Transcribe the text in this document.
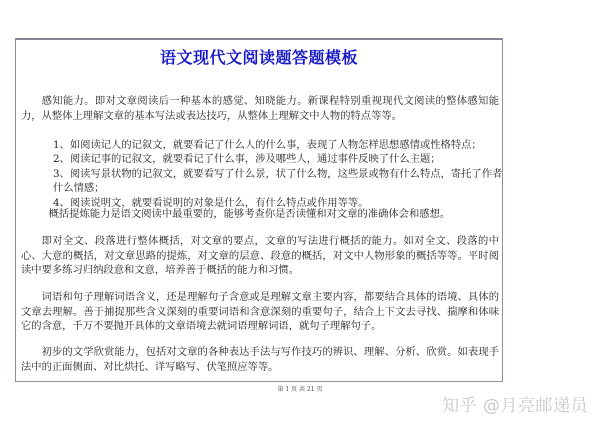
语文现代文阅读题答题模板

感知能力。即对文章阅读后一种基本的感觉、知晓能力。新课程特别重视现代文阅读的整体感知能力，从整体上理解文章的基本写法或表达技巧，从整体上理解文中人物的特点等等。

1、如阅读记人的记叙文，就要看记了什么人的什么事，表现了人物怎样思想感情或性格特点；
2、阅读记事的记叙文，就要看记了什么事，涉及哪些人，通过事件反映了什么主题；
3、阅读写景状物的记叙文，就要看写了什么景，状了什么物，这些景或物有什么特点，寄托了作者什么情感；
4、阅读说明文，就要看说明的对象是什么，有什么特点或作用等等。

概括提炼能力是语文阅读中最重要的，能够考查你是否读懂和对文章的准确体会和感想。

即对全文、段落进行整体概括，对文章的要点，文章的写法进行概括的能力。如对全文、段落的中心、大意的概括，对文章思路的提炼，对文章的层意、段意的概括，对文中人物形象的概括等等。平时阅读中要多练习归纳段意和文意，培养善于概括的能力和习惯。

词语和句子理解词语含义，还是理解句子含意或是理解文章主要内容，都要结合具体的语境、具体的文章去理解。善于捕捉那些含义深刻的重要词语和含意深刻的重要句子，结合上下文去寻找、揣摩和体味它的含意，千万不要抛开具体的文章语境去就词语理解词语，就句子理解句子。

初步的文学欣赏能力，包括对文章的各种表达手法与写作技巧的辨识、理解、分析、欣赏。如表现手法中的正面侧面、对比烘托、详写略写、伏笔照应等等。

第 1 页 共 21 页
知乎 @月亮邮递员
